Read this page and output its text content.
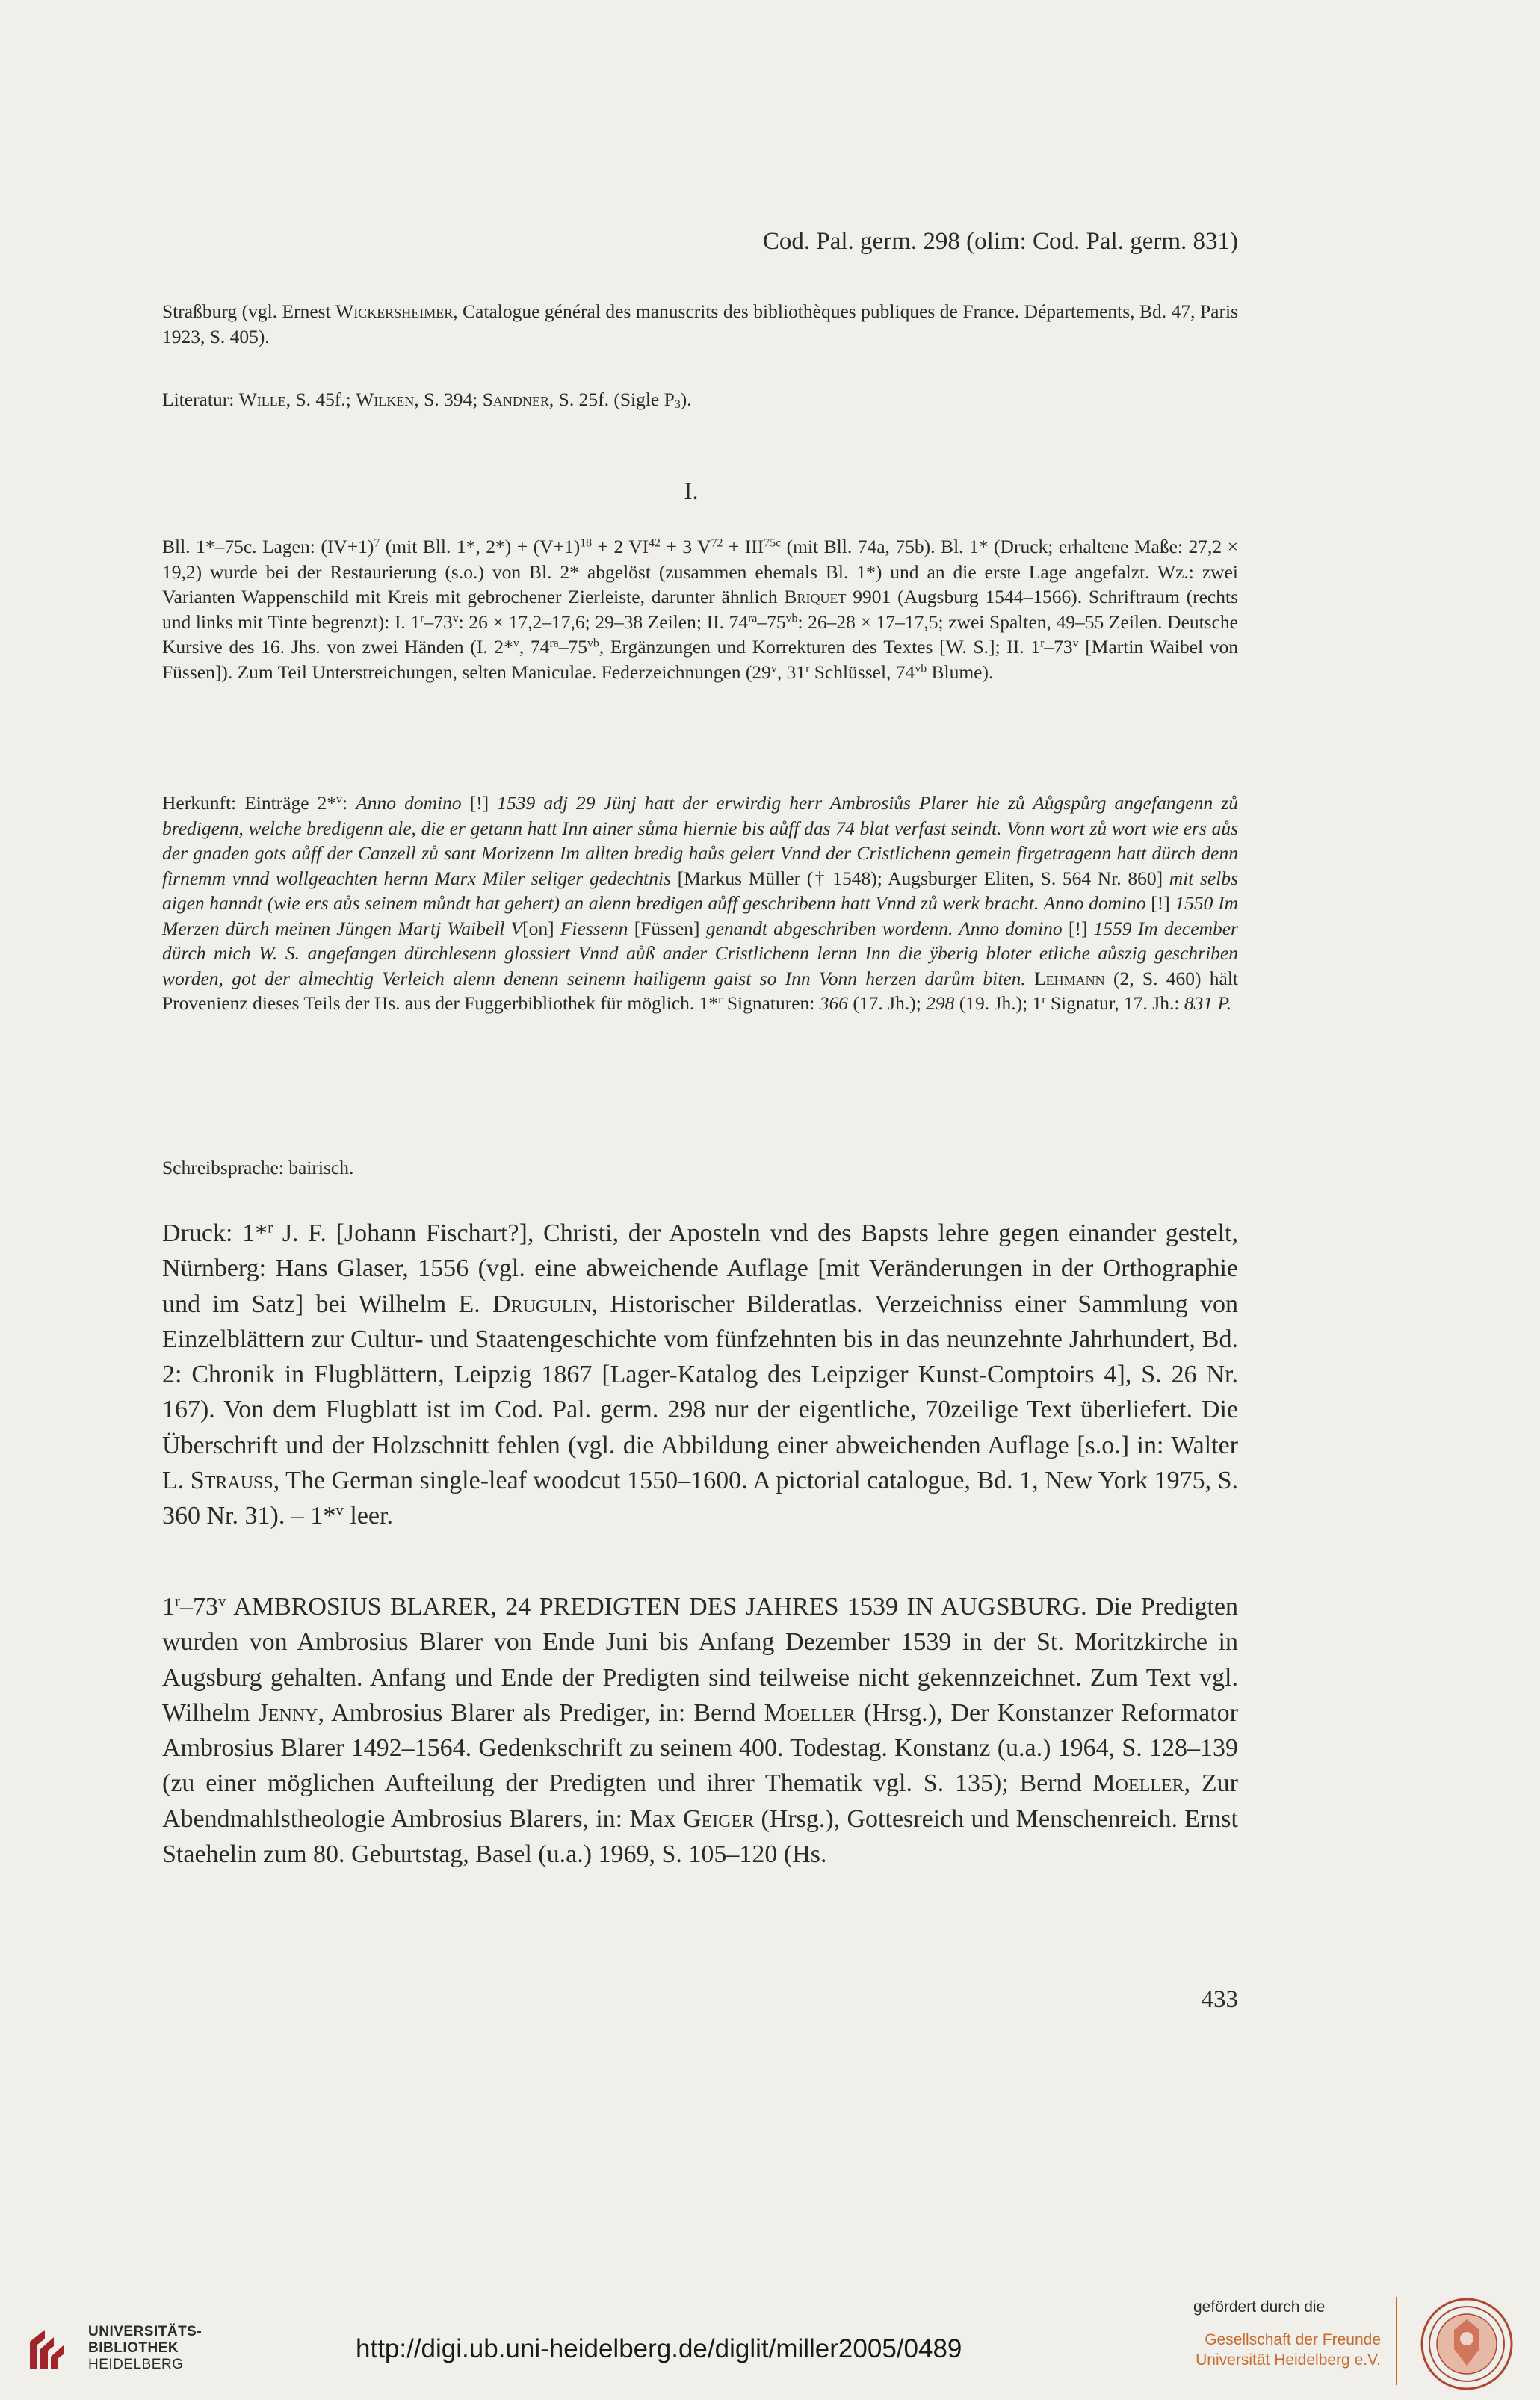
Cod. Pal. germ. 298 (olim: Cod. Pal. germ. 831)

Straßburg (vgl. Ernest Wickersheimer, Catalogue général des manuscrits des bibliothèques publiques de France. Départements, Bd. 47, Paris 1923, S. 405).

Literatur: Wille, S. 45f.; Wilken, S. 394; Sandner, S. 25f. (Sigle $P_3$).

I.

Bll. 1*–75c. Lagen: $(IV+1)^7$ (mit Bll. 1*, $2*) + (V+1)^{18} + 2$ $VI^{42} + 3$ $V^{72} + III^{75c}$ (mit Bll. 74a, 75b). Bl. 1* (Druck; erhaltene Maße: 27,2 × 19,2) wurde bei der Restaurierung (s.o.) von Bl. 2* abgelöst (zusammen ehemals Bl. 1*) und an die erste Lage angefalzt. Wz.: zwei Varianten Wappenschild mit Kreis mit gebrochener Zierleiste, darunter ähnlich Briquet 9901 (Augsburg 1544–1566). Schriftraum (rechts und links mit Tinte begrenzt): I. 1$^r$–73$^v$: 26 × 17,2–17,6; 29–38 Zeilen; II. $74^{ra}-75^{vb}$: 26–28 × 17–17,5; zwei Spalten, 49–55 Zeilen. Deutsche Kursive des 16. Jhs. von zwei Händen (I. 2*$^v$, $74^{ra}-75^{vb}$, Ergänzungen und Korrekturen des Textes [W. S.]; II. 1$^r$–73$^v$ [Martin Waibel von Füssen]). Zum Teil Unterstreichungen, selten Maniculae. Federzeichnungen (29$^v$, 31$^r$ Schlüssel, $74^{vb}$ Blume).

Herkunft: Einträge 2*$^v$: Anno domino [!] 1539 adj 29 Jünj hatt der erwirdig herr Ambrosiůs Plarer hie zů Aůgspůrg angefangenn zů bredigenn, welche bredigenn ale, die er getann hatt Inn ainer sůma hiernie bis aůff das 74 blat verfast seindt. Vonn wort zů wort wie ers aůs der gnaden gots aůff der Canzell zů sant Morizenn Im allten bredig haůs gelert Vnnd der Cristlichenn gemein firgetragenn hatt dürch denn firnemm vnnd wollgeachten hernn Marx Miler seliger gedechtnis [Markus Müller († 1548); Augsburger Eliten, S. 564 Nr. 860] mit selbs aigen hanndt (wie ers aůs seinem můndt hat gehert) an alenn bredigen aůff geschribenn hatt Vnnd zů werk bracht. Anno domino [!] 1550 Im Merzen dürch meinen Jüngen Martj Waibell V[on] Fiessenn [Füssen] genandt abgeschriben wordenn. Anno domino [!] 1559 Im december dürch mich W. S. angefangen dürchlesenn glossiert Vnnd aůß ander Cristlichenn lernn Inn die ÿberig bloter etliche aůszig geschriben worden, got der almechtig Verleich alenn denenn seinenn hailigenn gaist so Inn Vonn herzen darům biten. Lehmann (2, S. 460) hält Provenienz dieses Teils der Hs. aus der Fuggerbibliothek für möglich. 1*$^r$ Signaturen: 366 (17. Jh.); 298 (19. Jh.); 1$^r$ Signatur, 17. Jh.: 831 P.

Schreibsprache: bairisch.

Druck: 1*$^r$ J. F. [Johann Fischart?], Christi, der Aposteln vnd des Bapsts lehre gegen einander gestelt, Nürnberg: Hans Glaser, 1556 (vgl. eine abweichende Auflage [mit Veränderungen in der Orthographie und im Satz] bei Wilhelm E. Drugulin, Historischer Bilderatlas. Verzeichniss einer Sammlung von Einzelblättern zur Cultur- und Staatengeschichte vom fünfzehnten bis in das neunzehnte Jahrhundert, Bd. 2: Chronik in Flugblättern, Leipzig 1867 [Lager-Katalog des Leipziger Kunst-Comptoirs 4], S. 26 Nr. 167). Von dem Flugblatt ist im Cod. Pal. germ. 298 nur der eigentliche, 70zeilige Text überliefert. Die Überschrift und der Holzschnitt fehlen (vgl. die Abbildung einer abweichenden Auflage [s.o.] in: Walter L. Strauss, The German single-leaf woodcut 1550–1600. A pictorial catalogue, Bd. 1, New York 1975, S. 360 Nr. 31). – 1*$^v$ leer.

1$^r$–73$^v$ AMBROSIUS BLARER, 24 PREDIGTEN DES JAHRES 1539 IN AUGSBURG. Die Predigten wurden von Ambrosius Blarer von Ende Juni bis Anfang Dezember 1539 in der St. Moritzkirche in Augsburg gehalten. Anfang und Ende der Predigten sind teilweise nicht gekennzeichnet. Zum Text vgl. Wilhelm Jenny, Ambrosius Blarer als Prediger, in: Bernd Moeller (Hrsg.), Der Konstanzer Reformator Ambrosius Blarer 1492–1564. Gedenkschrift zu seinem 400. Todestag. Konstanz (u.a.) 1964, S. 128–139 (zu einer möglichen Aufteilung der Predigten und ihrer Thematik vgl. S. 135); Bernd Moeller, Zur Abendmahlstheologie Ambrosius Blarers, in: Max Geiger (Hrsg.), Gottesreich und Menschenreich. Ernst Staehelin zum 80. Geburtstag, Basel (u.a.) 1969, S. 105–120 (Hs.

433
UNIVERSITÄTS-
BIBLIOTHEK
HEIDELBERG
http://digi.ub.uni-heidelberg.de/diglit/miller2005/0489
gefördert durch die
Gesellschaft der Freunde
Universität Heidelberg e.V.
